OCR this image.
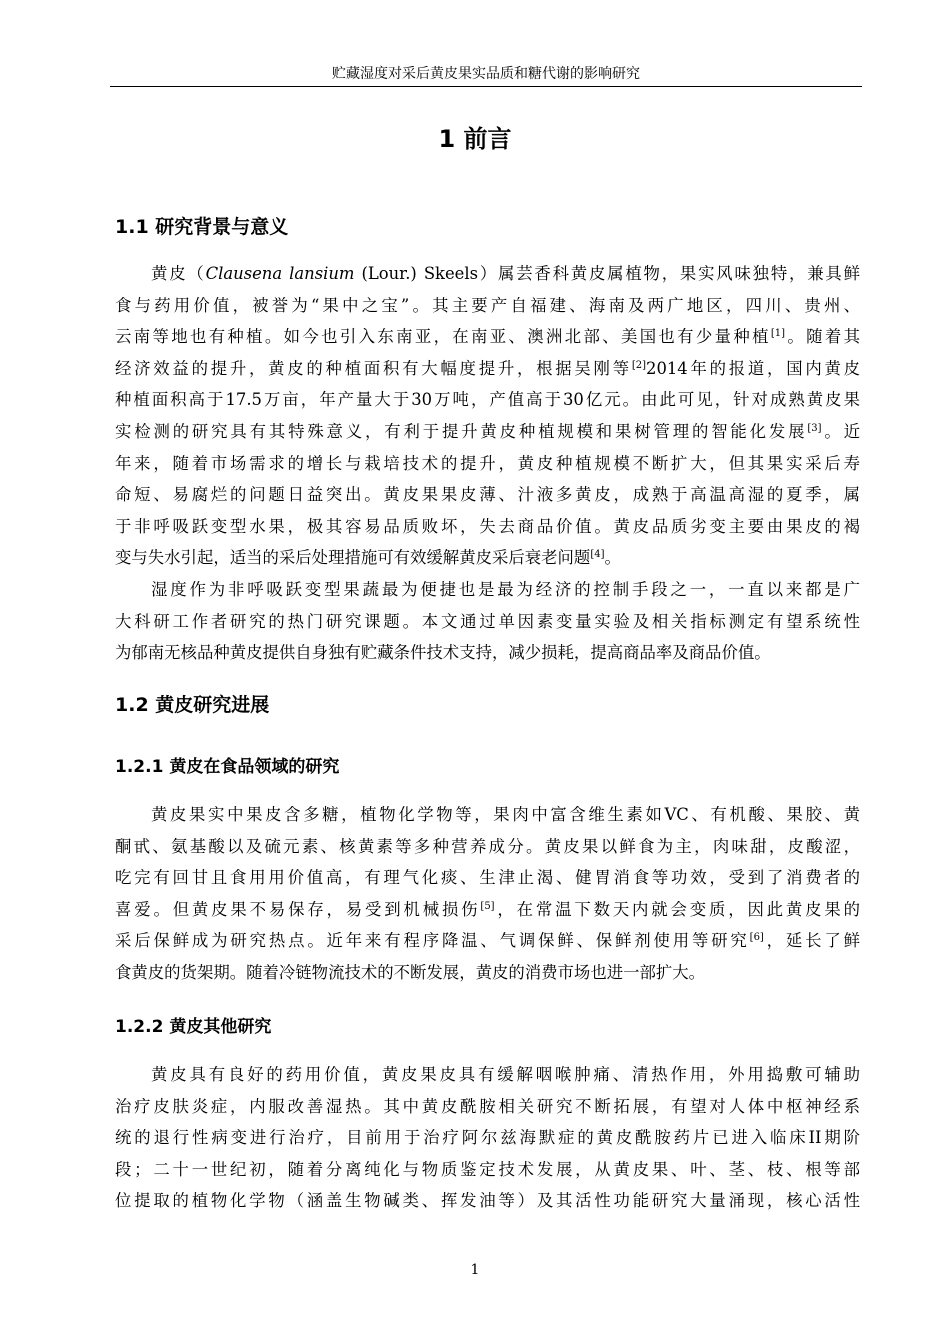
贮藏湿度对采后黄皮果实品质和糖代谢的影响研究
1 前言
1.1 研究背景与意义
黄皮（Clausena lansium (Lour.) Skeels）属芸香科黄皮属植物，果实风味独特，兼具鲜
食与药用价值，被誉为“果中之宝”。其主要产自福建、海南及两广地区，四川、贵州、
云南等地也有种植。如今也引入东南亚，在南亚、澳洲北部、美国也有少量种植[1]。随着其
经济效益的提升，黄皮的种植面积有大幅度提升，根据吴刚等[2]2014年的报道，国内黄皮
种植面积高于17.5万亩，年产量大于30万吨，产值高于30亿元。由此可见，针对成熟黄皮果
实检测的研究具有其特殊意义，有利于提升黄皮种植规模和果树管理的智能化发展[3]。近
年来，随着市场需求的增长与栽培技术的提升，黄皮种植规模不断扩大，但其果实采后寿
命短、易腐烂的问题日益突出。黄皮果果皮薄、汁液多黄皮，成熟于高温高湿的夏季，属
于非呼吸跃变型水果，极其容易品质败坏，失去商品价值。黄皮品质劣变主要由果皮的褐
变与失水引起，适当的采后处理措施可有效缓解黄皮采后衰老问题[4]。
湿度作为非呼吸跃变型果蔬最为便捷也是最为经济的控制手段之一，一直以来都是广
大科研工作者研究的热门研究课题。本文通过单因素变量实验及相关指标测定有望系统性
为郁南无核品种黄皮提供自身独有贮藏条件技术支持，减少损耗，提高商品率及商品价值。
1.2 黄皮研究进展
1.2.1 黄皮在食品领域的研究
黄皮果实中果皮含多糖，植物化学物等，果肉中富含维生素如VC、有机酸、果胶、黄
酮甙、氨基酸以及硫元素、核黄素等多种营养成分。黄皮果以鲜食为主，肉味甜，皮酸涩，
吃完有回甘且食用用价值高，有理气化痰、生津止渴、健胃消食等功效，受到了消费者的
喜爱。但黄皮果不易保存，易受到机械损伤[5]，在常温下数天内就会变质，因此黄皮果的
采后保鲜成为研究热点。近年来有程序降温、气调保鲜、保鲜剂使用等研究[6]，延长了鲜
食黄皮的货架期。随着冷链物流技术的不断发展，黄皮的消费市场也进一部扩大。
1.2.2 黄皮其他研究
黄皮具有良好的药用价值，黄皮果皮具有缓解咽喉肿痛、清热作用，外用捣敷可辅助
治疗皮肤炎症，内服改善湿热。其中黄皮酰胺相关研究不断拓展，有望对人体中枢神经系
统的退行性病变进行治疗，目前用于治疗阿尔兹海默症的黄皮酰胺药片已进入临床II期阶
段；二十一世纪初，随着分离纯化与物质鉴定技术发展，从黄皮果、叶、茎、枝、根等部
位提取的植物化学物（涵盖生物碱类、挥发油等）及其活性功能研究大量涌现，核心活性
1
